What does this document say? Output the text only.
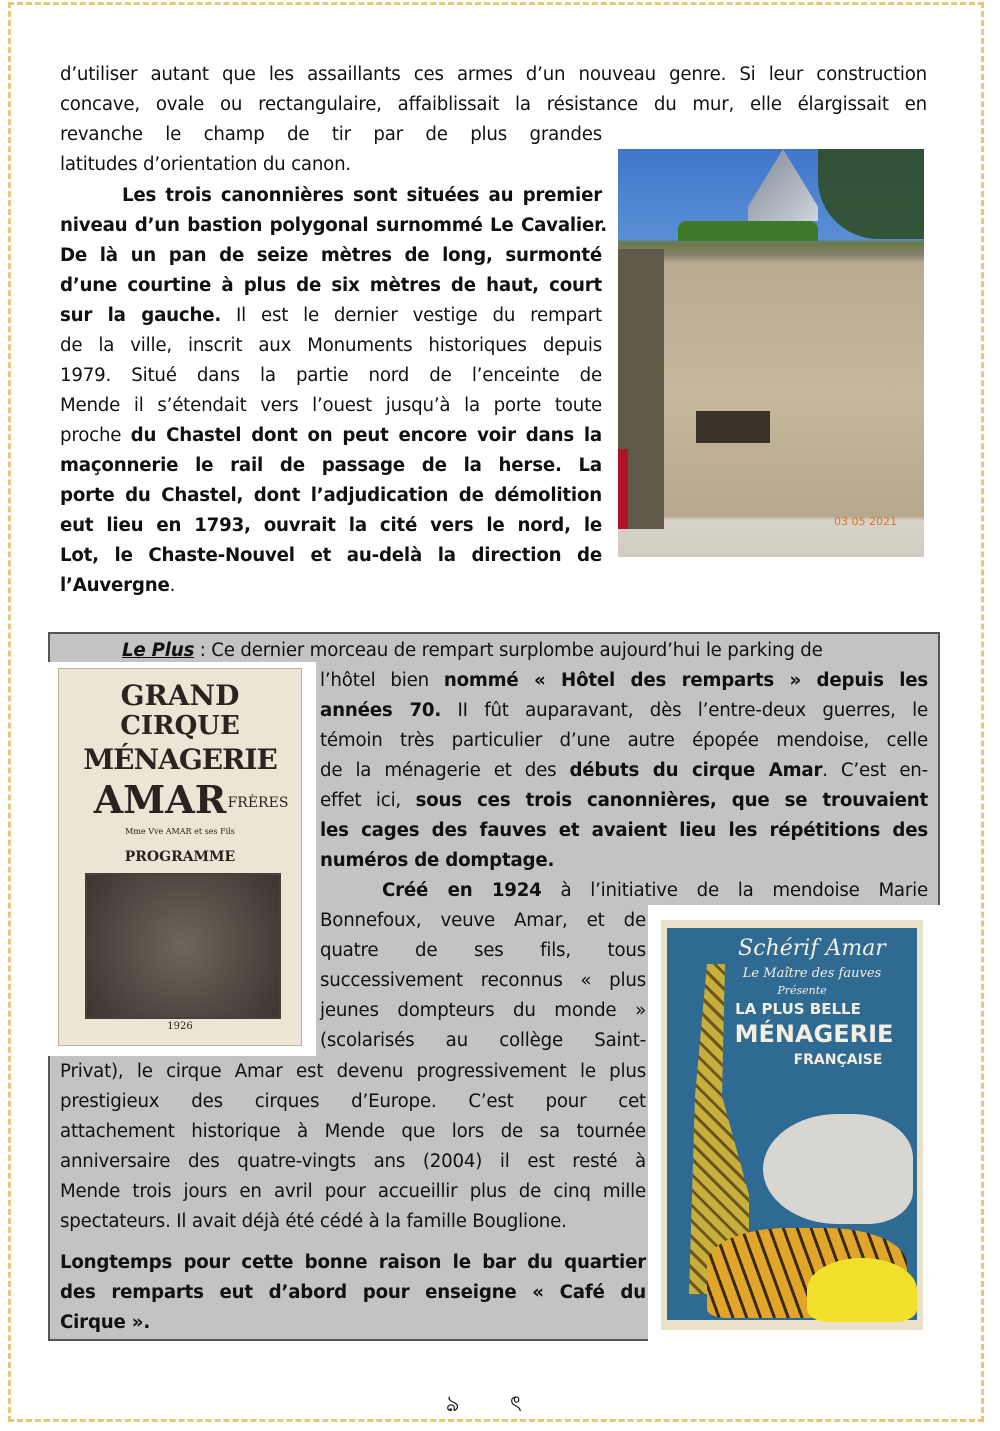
d’utiliser autant que les assaillants ces armes d’un nouveau genre. Si leur construction
concave, ovale ou rectangulaire, affaiblissait la résistance du mur, elle élargissait en
revanche le champ de tir par de plus grandes
latitudes d’orientation du canon.
Les trois canonnières sont situées au premier
niveau d’un bastion polygonal surnommé Le Cavalier.
De là un pan de seize mètres de long, surmonté
d’une courtine à plus de six mètres de haut, court
sur la gauche. Il est le dernier vestige du rempart
de la ville, inscrit aux Monuments historiques depuis
1979. Situé dans la partie nord de l’enceinte de
Mende il s’étendait vers l’ouest jusqu’à la porte toute
proche du Chastel dont on peut encore voir dans la
maçonnerie le rail de passage de la herse. La
porte du Chastel, dont l’adjudication de démolition
eut lieu en 1793, ouvrait la cité vers le nord, le
Lot, le Chaste-Nouvel et au-delà la direction de
l’Auvergne.
03 05 2021
Le Plus : Ce dernier morceau de rempart surplombe aujourd’hui le parking de
l’hôtel bien nommé « Hôtel des remparts » depuis les
années 70. II fût auparavant, dès l’entre-deux guerres, le
témoin très particulier d’une autre épopée mendoise, celle
de la ménagerie et des débuts du cirque Amar. C’est en-
effet ici, sous ces trois canonnières, que se trouvaient
les cages des fauves et avaient lieu les répétitions des
numéros de domptage.
Créé en 1924 à l’initiative de la mendoise Marie
Bonnefoux, veuve Amar, et de
quatre de ses fils, tous
successivement reconnus « plus
jeunes dompteurs du monde »
(scolarisés au collège Saint-
Privat), le cirque Amar est devenu progressivement le plus
prestigieux des cirques d’Europe. C’est pour cet
attachement historique à Mende que lors de sa tournée
anniversaire des quatre-vingts ans (2004) il est resté à
Mende trois jours en avril pour accueillir plus de cinq mille
spectateurs. Il avait déjà été cédé à la famille Bouglione.
Longtemps pour cette bonne raison le bar du quartier
des remparts eut d’abord pour enseigne « Café du
Cirque ».
GRAND
CIRQUE
MÉNAGERIE
AMAR FRÈRES
Mme Vve AMAR et ses Fils
PROGRAMME
1926
Schérif Amar
Le Maître des fauves
Présente
LA PLUS BELLE
MÉNAGERIE
FRANÇAISE
ঌ ৎ
